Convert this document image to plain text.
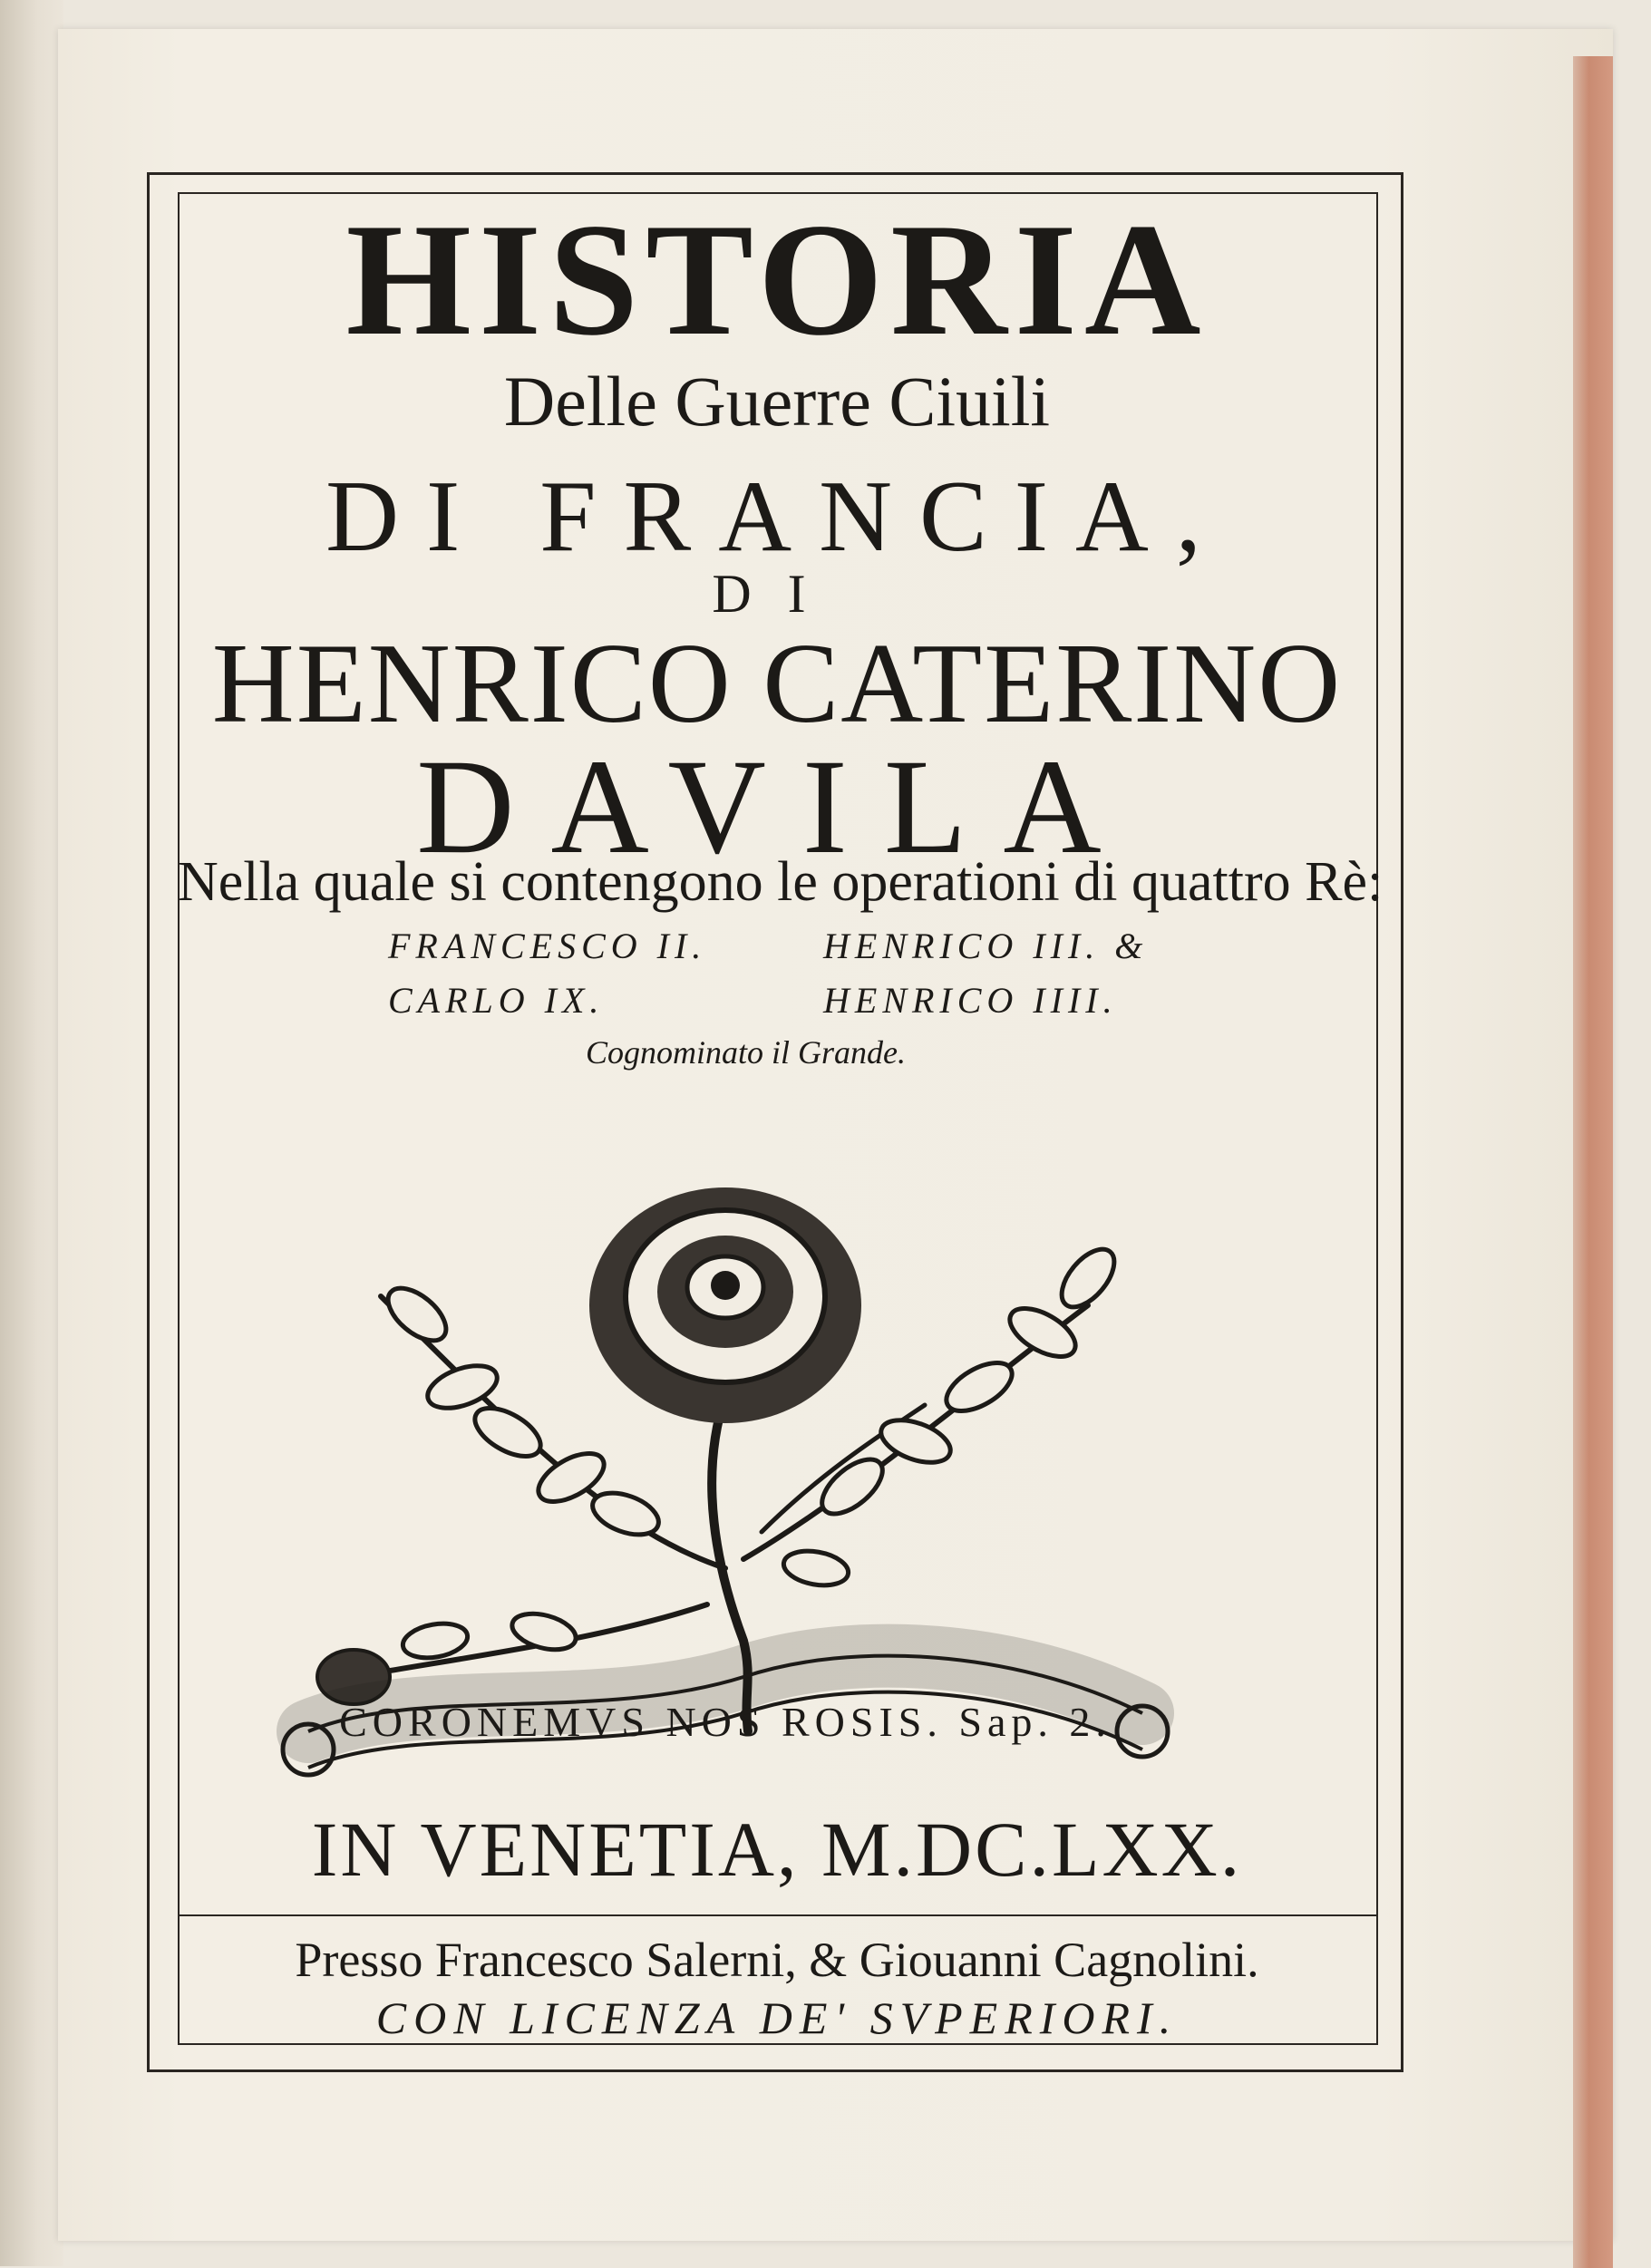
HISTORIA
Delle Guerre Ciuili
DI FRANCIA,
DI
HENRICO CATERINO
DAVILA
Nella quale si contengono le operationi di quattro Rè:
FRANCESCO II.	HENRICO III. &
CARLO IX.	HENRICO IIII.
Cognominato il Grande.
CORONEMVS NOS ROSIS. Sap. 2.
IN VENETIA, M.DC.LXX.
Presso Francesco Salerni, & Giouanni Cagnolini.
CON LICENZA DE' SVPERIORI.
